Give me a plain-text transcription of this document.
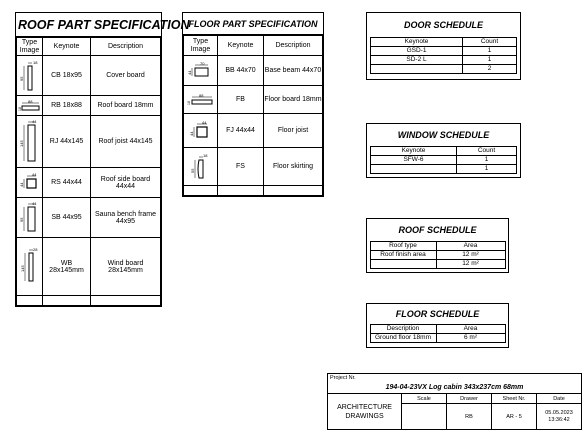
ROOF PART SPECIFICATION
Type Image	Keynote	Description

18
95	CB 18x95	Cover board

88
18	RB 18x88	Roof board 18mm

44
145	RJ 44x145	Roof joist 44x145

44
44	RS 44x44	Roof side board 44x44

44
95	SB 44x95	Sauna bench frame 44x95

28
145	WB 28x145mm	Wind board 28x145mm

FLOOR PART SPECIFICATION
Type Image	Keynote	Description

70
44	BB 44x70	Base beam 44x70

88
18	FB	Floor board 18mm

44
44	FJ 44x44	Floor joist

18
55	FS	Floor skirting

DOOR SCHEDULE
Keynote	Count
GSD-1	1
SD-2 L	1
	2
WINDOW SCHEDULE
Keynote	Count
SFW-6	1
	1
ROOF SCHEDULE
Roof type	Area
Roof finish area	12 m²
	12 m²
FLOOR SCHEDULE
Description	Area
Ground floor 18mm	6 m²
Project Nr.
194-04-23VX Log cabin 343x237cm 68mm
ARCHITECTURE DRAWINGS
Scale	Drawer
RB
Sheet Nr.
AR - 5
Date
05.05.2023 13:36:42
